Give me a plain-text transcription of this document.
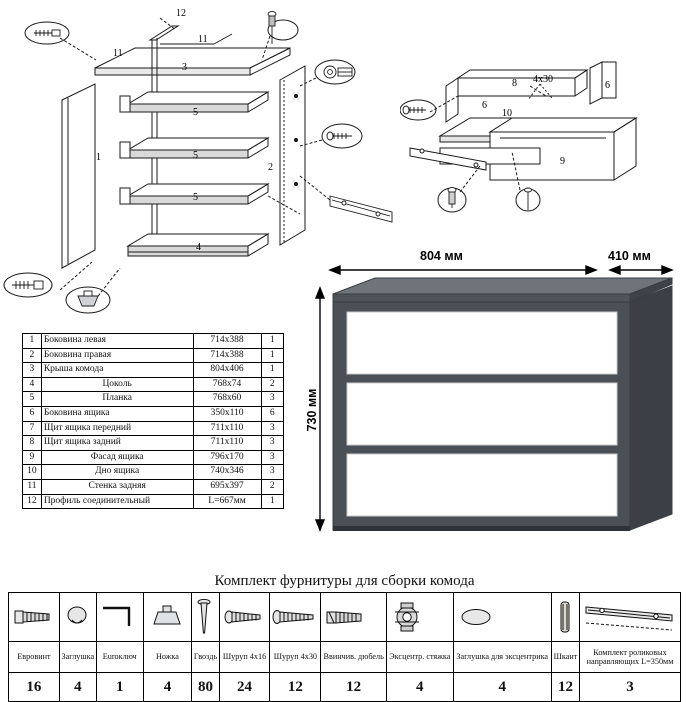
12
11
11
3
5
5
5
1
2
4
8 4х30
6
6
10
9
1	Боковина левая	714х388	1
2	Боковина правая	714х388	1
3	Крыша комода	804х406	1
4	Цоколь	768х74	2
5	Планка	768х60	3
6	Боковина ящика	350х110	6
7	Щит ящика передний	711х110	3
8	Щит ящика задний	711х110	3
9	Фасад ящика	796х170	3
10	Дно ящика	740х346	3
11	Стенка задняя	695х397	2
12	Профиль соединительный	L=667мм	1
804 мм	410 мм
730 мм
Комплект фурнитуры для сборки комода

Евровинт	Заглушка	Euroключ	Ножка	Гвоздь	Шуруп 4х16	Шуруп 4х30	Ввинчив. дюбель	Эксцентр. стяжка	Заглушка для эксцентрика	Шкант	Комплект роликовых направляющих L=350мм
16	4	1	4	80	24	12	12	4	4	12	3
